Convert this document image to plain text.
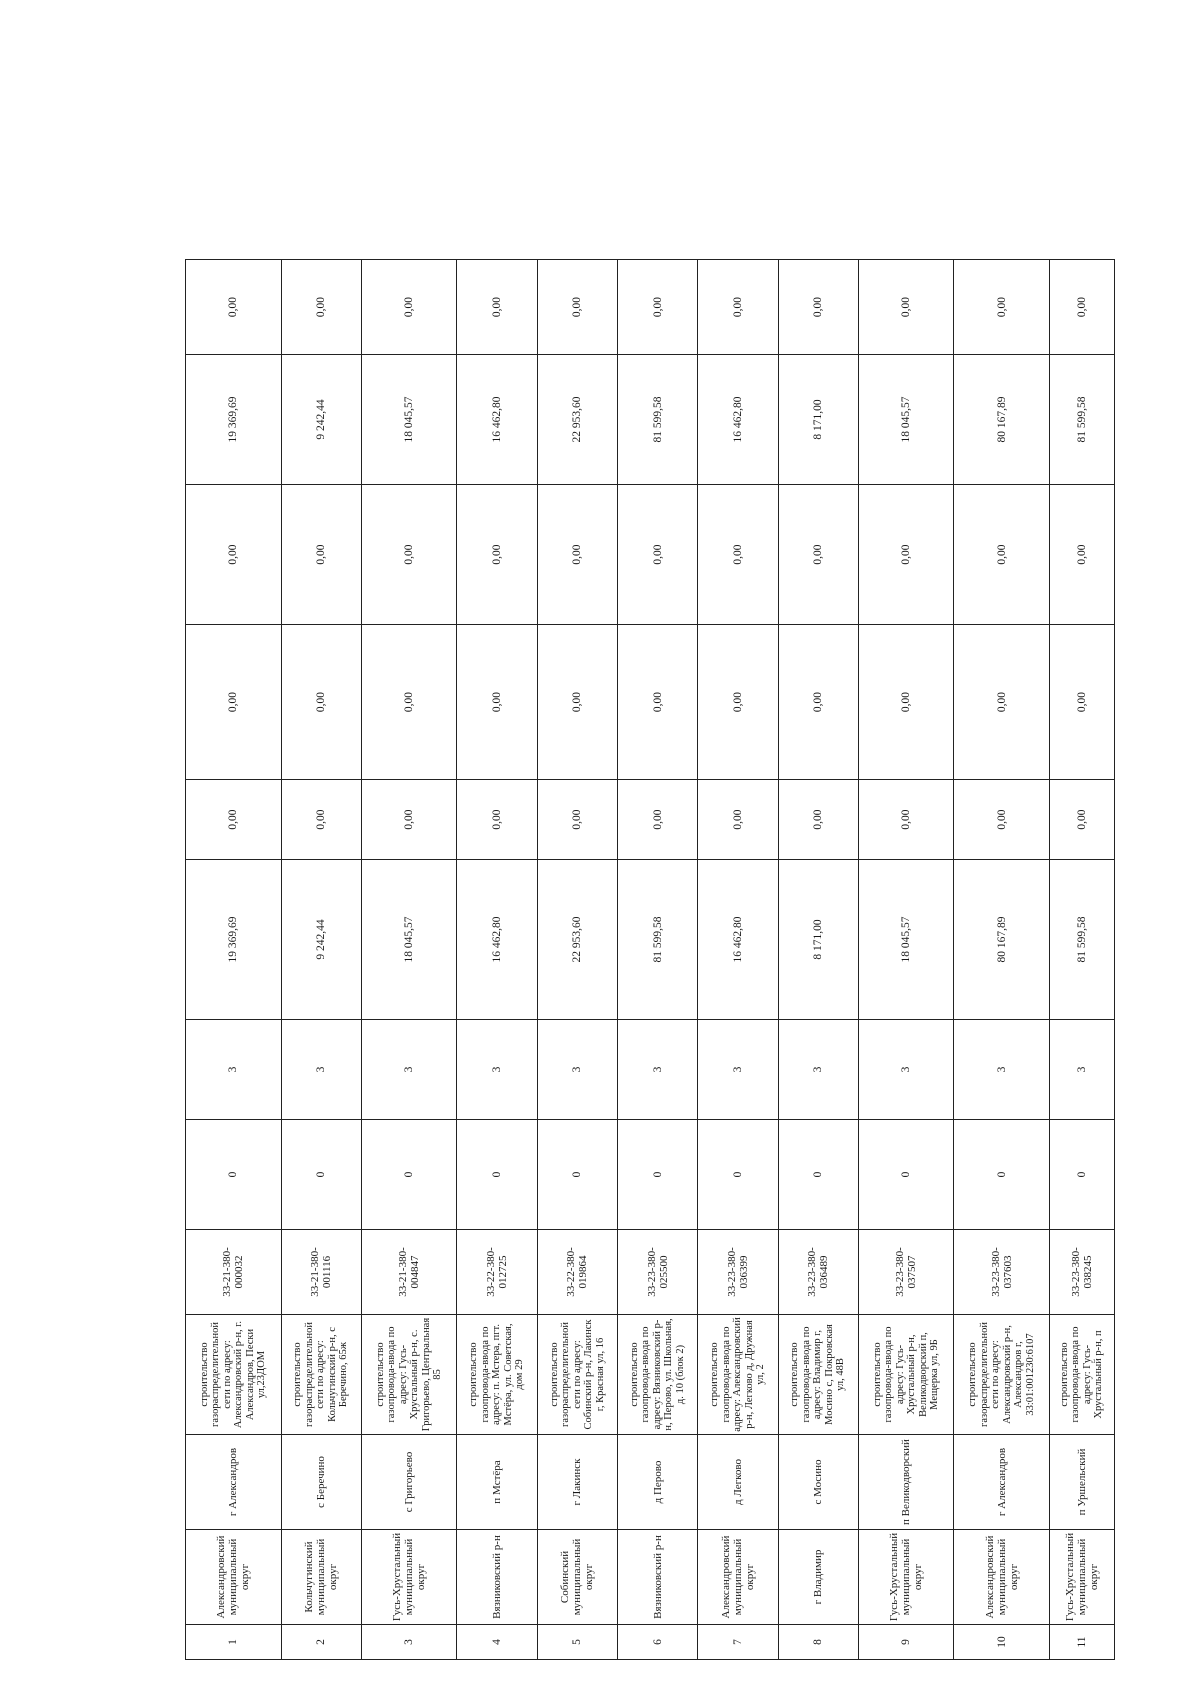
1	Александровский муниципальный округ	г Александров	строительство газораспределительной сети по адресу: Александровский р-н, г. Александров, Пески ул,23ДОМ	33-21-380-000032	0	3	19 369,69	0,00	0,00	0,00	19 369,69	0,00
2	Кольчугинский муниципальный округ	с Беречино	строительство газораспределительной сети по адресу: Кольчугинский р-н, с Беречино, 65ж	33-21-380-001116	0	3	9 242,44	0,00	0,00	0,00	9 242,44	0,00
3	Гусь-Хрустальный муниципальный округ	с Григорьево	строительство газопровода-ввода по адресу: Гусь-Хрустальный р-н, с. Григорьево, Центральная 85	33-21-380-004847	0	3	18 045,57	0,00	0,00	0,00	18 045,57	0,00
4	Вязниковский р-н	п Мстёра	строительство газопровода-ввода по адресу: п. Мстера, пгт. Мстёра, ул. Советская, дом 29	33-22-380-012725	0	3	16 462,80	0,00	0,00	0,00	16 462,80	0,00
5	Собинский муниципальный округ	г Лакинск	строительство газораспределительной сети по адресу: Собинский р-н, Лакинск г, Красная ул, 16	33-22-380-019864	0	3	22 953,60	0,00	0,00	0,00	22 953,60	0,00
6	Вязниковский р-н	д Перово	строительство газопровода-ввода по адресу: Вязниковский р-н, Перово, ул. Школьная, д. 10 (блок 2)	33-23-380-025500	0	3	81 599,58	0,00	0,00	0,00	81 599,58	0,00
7	Александровский муниципальный округ	д Легково	строительство газопровода-ввода по адресу: Александровский р-н, Легково д, Дружная ул, 2	33-23-380-036399	0	3	16 462,80	0,00	0,00	0,00	16 462,80	0,00
8	г Владимир	с Мосино	строительство газопровода-ввода по адресу: Владимир г, Мосино с, Покровская ул, 48В	33-23-380-036489	0	3	8 171,00	0,00	0,00	0,00	8 171,00	0,00
9	Гусь-Хрустальный муниципальный округ	п Великодворский	строительство газопровода-ввода по адресу: Гусь-Хрустальный р-н, Великодворский п, Мещерка ул, 9Б	33-23-380-037507	0	3	18 045,57	0,00	0,00	0,00	18 045,57	0,00
10	Александровский муниципальный округ	г Александров	строительство газораспределительной сети по адресу: Александровский р-н, Александров г, 33:01:001230:6107	33-23-380-037603	0	3	80 167,89	0,00	0,00	0,00	80 167,89	0,00
11	Гусь-Хрустальный муниципальный округ	п Уршельский	строительство газопровода-ввода по адресу: Гусь-Хрустальный р-н, п	33-23-380-038245	0	3	81 599,58	0,00	0,00	0,00	81 599,58	0,00
